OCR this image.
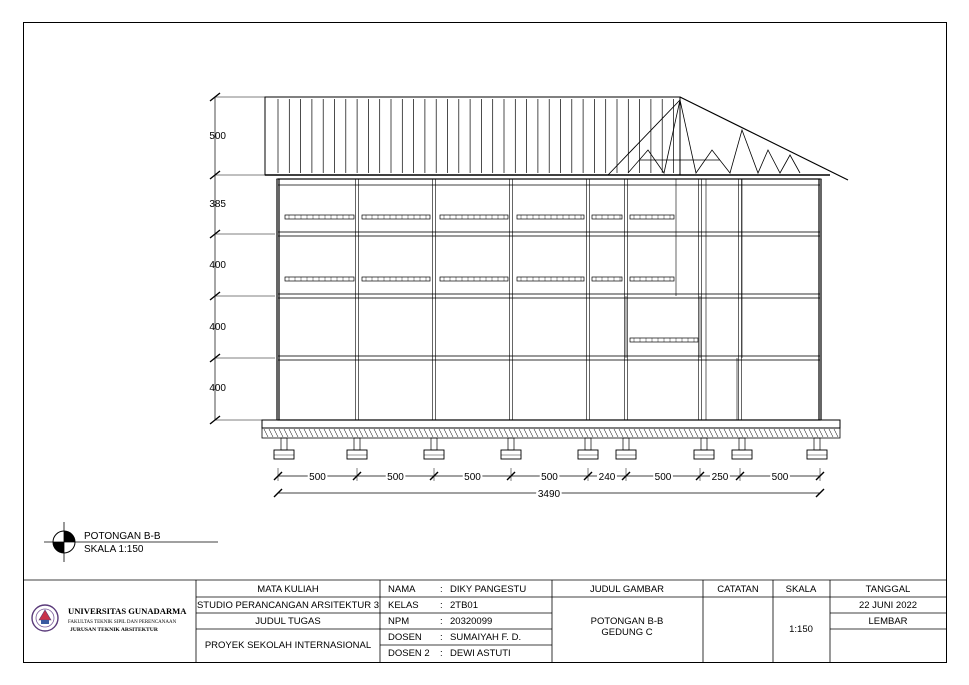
500
385
400
400
400
500	500	500	500	240	500	250	500
3490
POTONGAN B-B
SKALA 1:150
UNIVERSITAS GUNADARMA
FAKULTAS TEKNIK SIPIL DAN PERENCANAAN
JURUSAN TEKNIK ARSITEKTUR
MATA KULIAH
STUDIO PERANCANGAN ARSITEKTUR 3
JUDUL TUGAS
PROYEK SEKOLAH INTERNASIONAL
NAMA	: DIKY PANGESTU
KELAS : 2TB01
NPM	: 20320099
DOSEN : SUMAIYAH F. D.
DOSEN 2 : DEWI ASTUTI
JUDUL GAMBAR
POTONGAN B-B
GEDUNG C
CATATAN	SKALA
1:150
TANGGAL
22 JUNI 2022
LEMBAR
